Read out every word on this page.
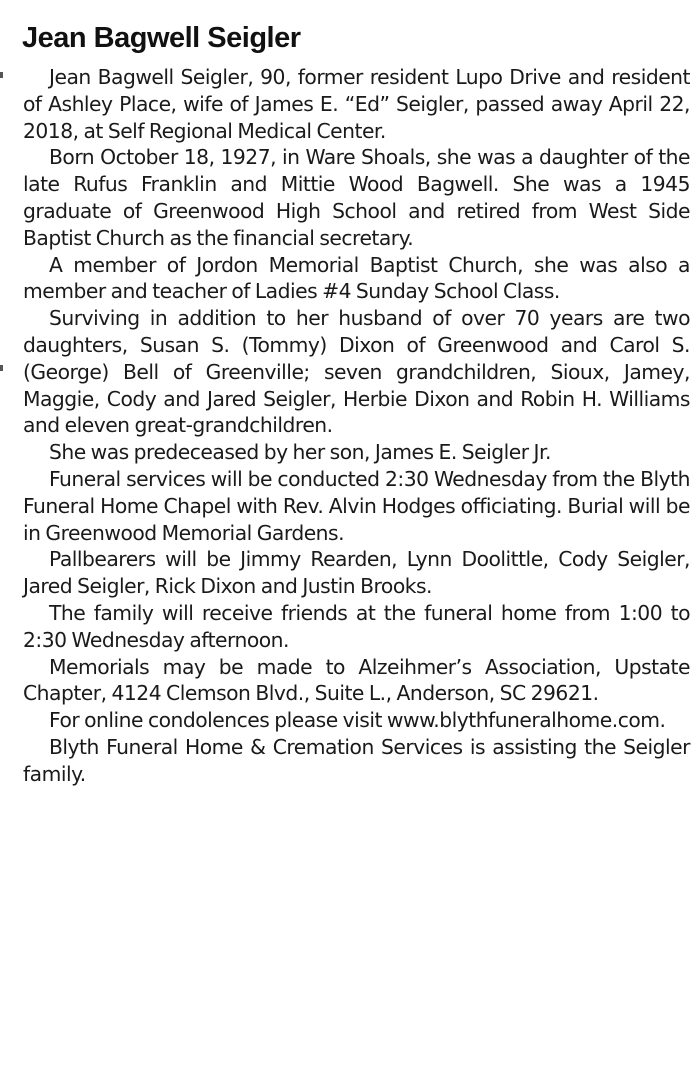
Jean Bagwell Seigler

Jean Bagwell Seigler, 90, former resident Lupo Drive and resident of Ashley Place, wife of James E. “Ed” Seigler, passed away April 22, 2018, at Self Regional Medical Center.

Born October 18, 1927, in Ware Shoals, she was a daughter of the late Rufus Franklin and Mittie Wood Bagwell. She was a 1945 graduate of Greenwood High School and retired from West Side Baptist Church as the financial secretary.

A member of Jordon Memorial Baptist Church, she was also a member and teacher of Ladies #4 Sunday School Class.

Surviving in addition to her husband of over 70 years are two daughters, Susan S. (Tommy) Dixon of Greenwood and Carol S. (George) Bell of Greenville; seven grandchildren, Sioux, Jamey, Maggie, Cody and Jared Seigler, Herbie Dixon and Robin H. Williams and eleven great-grandchildren.

She was predeceased by her son, James E. Seigler Jr.

Funeral services will be conducted 2:30 Wednesday from the Blyth Funeral Home Chapel with Rev. Alvin Hodges officiating. Burial will be in Greenwood Memorial Gardens.

Pallbearers will be Jimmy Rearden, Lynn Doolittle, Cody Seigler, Jared Seigler, Rick Dixon and Justin Brooks.

The family will receive friends at the funeral home from 1:00 to 2:30 Wednesday afternoon.

Memorials may be made to Alzeihmer’s Association, Upstate Chapter, 4124 Clemson Blvd., Suite L., Anderson, SC 29621.

For online condolences please visit www.blythfuneralhome.com.

Blyth Funeral Home & Cremation Services is assisting the Seigler family.
